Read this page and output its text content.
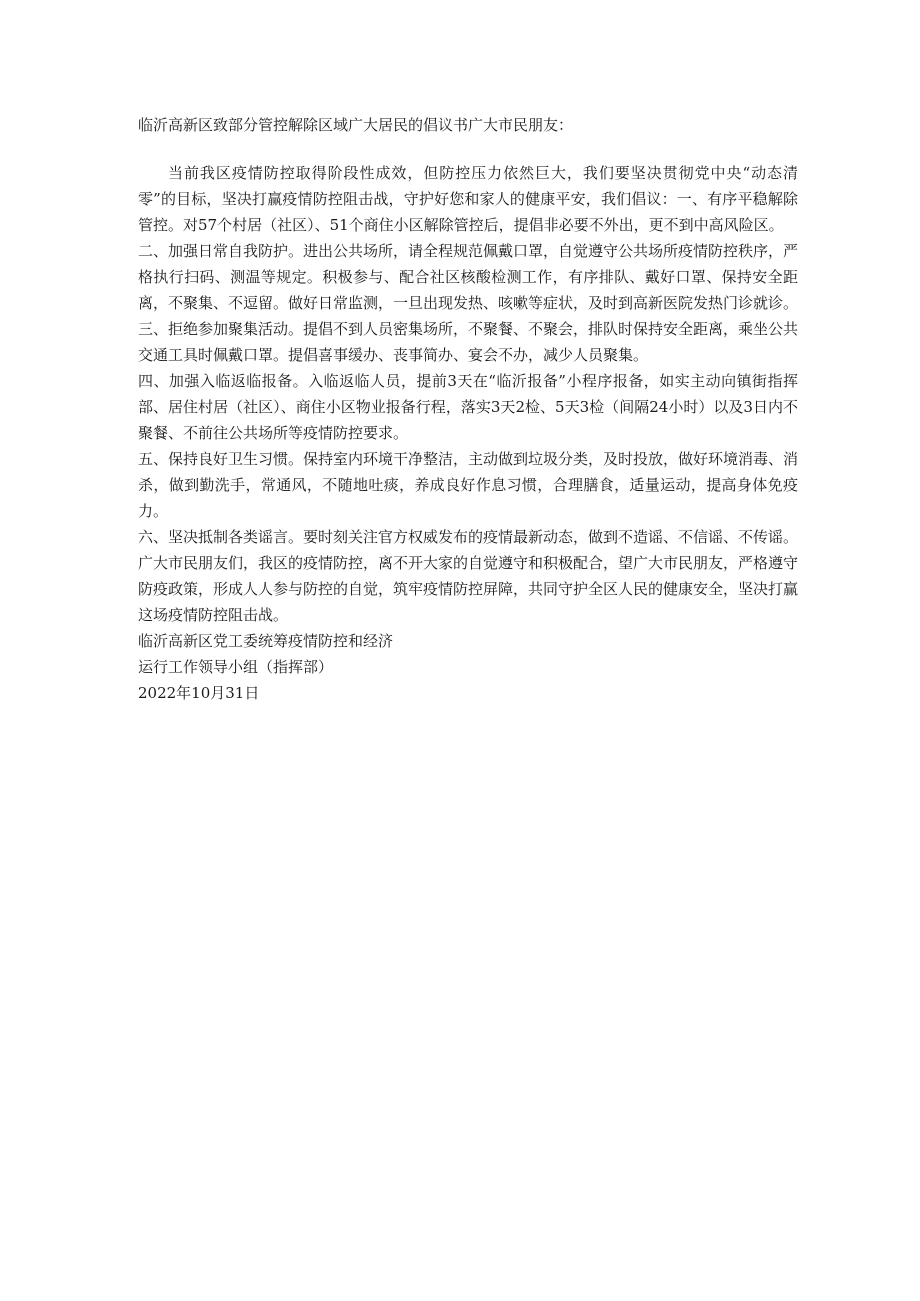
临沂高新区致部分管控解除区域广大居民的倡议书广大市民朋友：

当前我区疫情防控取得阶段性成效，但防控压力依然巨大，我们要坚决贯彻党中央“动态清零”的目标，坚决打赢疫情防控阻击战，守护好您和家人的健康平安，我们倡议：一、有序平稳解除管控。对57个村居（社区）、51个商住小区解除管控后，提倡非必要不外出，更不到中高风险区。

二、加强日常自我防护。进出公共场所，请全程规范佩戴口罩，自觉遵守公共场所疫情防控秩序，严格执行扫码、测温等规定。积极参与、配合社区核酸检测工作，有序排队、戴好口罩、保持安全距离，不聚集、不逗留。做好日常监测，一旦出现发热、咳嗽等症状，及时到高新医院发热门诊就诊。

三、拒绝参加聚集活动。提倡不到人员密集场所，不聚餐、不聚会，排队时保持安全距离，乘坐公共交通工具时佩戴口罩。提倡喜事缓办、丧事简办、宴会不办，减少人员聚集。

四、加强入临返临报备。入临返临人员，提前3天在“临沂报备”小程序报备，如实主动向镇街指挥部、居住村居（社区）、商住小区物业报备行程，落实3天2检、5天3检（间隔24小时）以及3日内不聚餐、不前往公共场所等疫情防控要求。

五、保持良好卫生习惯。保持室内环境干净整洁，主动做到垃圾分类，及时投放，做好环境消毒、消杀，做到勤洗手，常通风，不随地吐痰，养成良好作息习惯，合理膳食，适量运动，提高身体免疫力。

六、坚决抵制各类谣言。要时刻关注官方权威发布的疫情最新动态，做到不造谣、不信谣、不传谣。

广大市民朋友们，我区的疫情防控，离不开大家的自觉遵守和积极配合，望广大市民朋友，严格遵守防疫政策，形成人人参与防控的自觉，筑牢疫情防控屏障，共同守护全区人民的健康安全，坚决打赢这场疫情防控阻击战。

临沂高新区党工委统筹疫情防控和经济

运行工作领导小组（指挥部）

2022年10月31日
